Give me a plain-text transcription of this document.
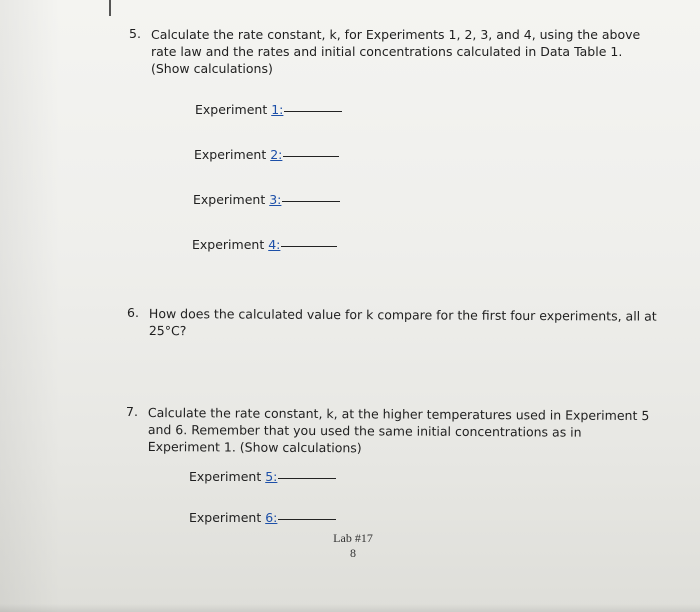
5. Calculate the rate constant, k, for Experiments 1, 2, 3, and 4, using the above
rate law and the rates and initial concentrations calculated in Data Table 1.
(Show calculations)
Experiment
1:
Experiment
2:
Experiment
3:
Experiment
4:
6. How does the calculated value for k compare for the first four experiments, all at
25°C?
7. Calculate the rate constant, k, at the higher temperatures used in Experiment 5
and 6. Remember that you used the same initial concentrations as in
Experiment 1. (Show calculations)
Experiment
5:
Experiment
6:
Lab #17
8
